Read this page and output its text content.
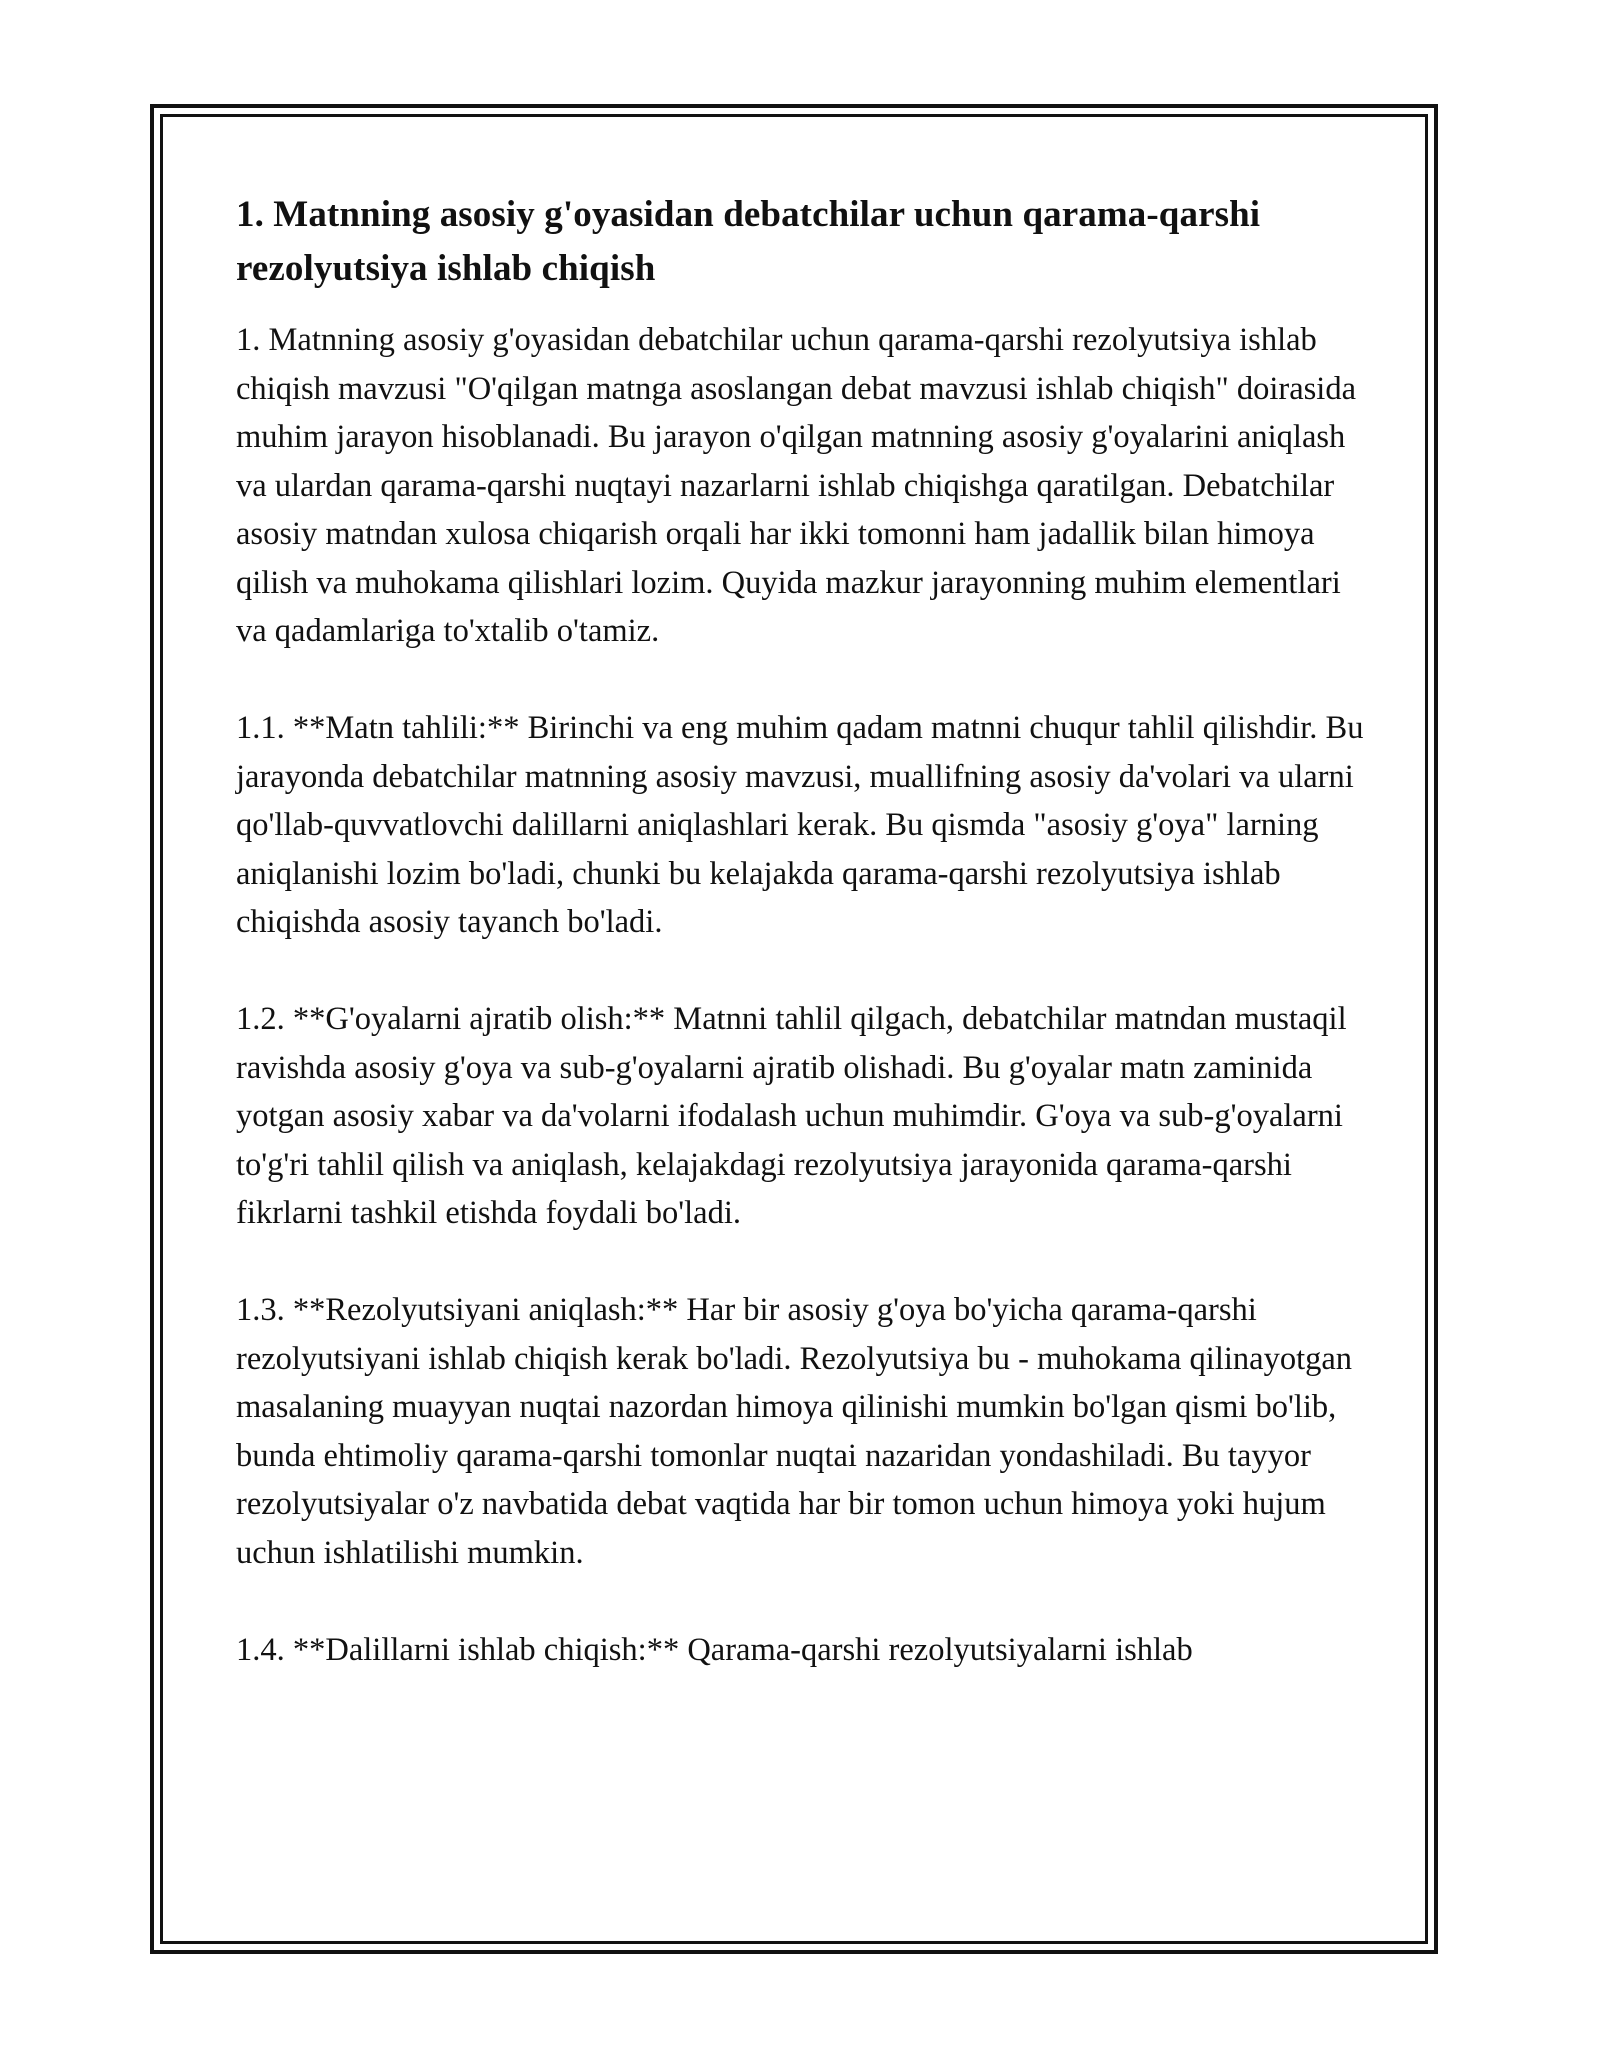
1. Matnning asosiy g'oyasidan debatchilar uchun qarama-qarshi rezolyutsiya ishlab chiqish

1. Matnning asosiy g'oyasidan debatchilar uchun qarama-qarshi rezolyutsiya ishlab chiqish mavzusi "O'qilgan matnga asoslangan debat mavzusi ishlab chiqish" doirasida muhim jarayon hisoblanadi. Bu jarayon o'qilgan matnning asosiy g'oyalarini aniqlash va ulardan qarama-qarshi nuqtayi nazarlarni ishlab chiqishga qaratilgan. Debatchilar asosiy matndan xulosa chiqarish orqali har ikki tomonni ham jadallik bilan himoya qilish va muhokama qilishlari lozim. Quyida mazkur jarayonning muhim elementlari va qadamlariga to'xtalib o'tamiz.

1.1. **Matn tahlili:** Birinchi va eng muhim qadam matnni chuqur tahlil qilishdir. Bu jarayonda debatchilar matnning asosiy mavzusi, muallifning asosiy da'volari va ularni qo'llab-quvvatlovchi dalillarni aniqlashlari kerak. Bu qismda "asosiy g'oya" larning aniqlanishi lozim bo'ladi, chunki bu kelajakda qarama-qarshi rezolyutsiya ishlab chiqishda asosiy tayanch bo'ladi.

1.2. **G'oyalarni ajratib olish:** Matnni tahlil qilgach, debatchilar matndan mustaqil ravishda asosiy g'oya va sub-g'oyalarni ajratib olishadi. Bu g'oyalar matn zaminida yotgan asosiy xabar va da'volarni ifodalash uchun muhimdir. G'oya va sub-g'oyalarni to'g'ri tahlil qilish va aniqlash, kelajakdagi rezolyutsiya jarayonida qarama-qarshi fikrlarni tashkil etishda foydali bo'ladi.

1.3. **Rezolyutsiyani aniqlash:** Har bir asosiy g'oya bo'yicha qarama-qarshi rezolyutsiyani ishlab chiqish kerak bo'ladi. Rezolyutsiya bu - muhokama qilinayotgan masalaning muayyan nuqtai nazordan himoya qilinishi mumkin bo'lgan qismi bo'lib, bunda ehtimoliy qarama-qarshi tomonlar nuqtai nazaridan yondashiladi. Bu tayyor rezolyutsiyalar o'z navbatida debat vaqtida har bir tomon uchun himoya yoki hujum uchun ishlatilishi mumkin.

1.4. **Dalillarni ishlab chiqish:** Qarama-qarshi rezolyutsiyalarni ishlab
